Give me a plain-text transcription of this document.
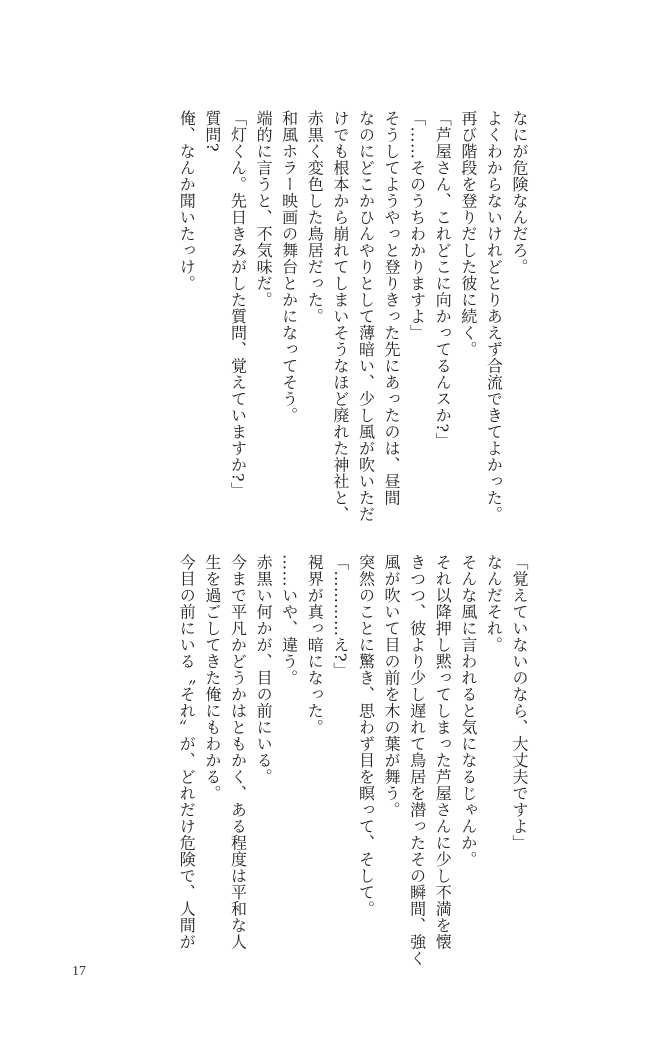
なにが危険なんだろ。
よくわからないけれどとりあえず合流できてよかった。
再び階段を登りだした彼に続く。
「芦屋さん、これどこに向かってるんスか?」
「……そのうちわかりますよ」
そうしてようやっと登りきった先にあったのは、昼間
なのにどこかひんやりとして薄暗い、少し風が吹いただ
けでも根本から崩れてしまいそうなほど廃れた神社と、
赤黒く変色した鳥居だった。
和風ホラー映画の舞台とかになってそう。
端的に言うと、不気味だ。
「灯くん。先日きみがした質問、覚えていますか?」
質問?
俺、なんか聞いたっけ。
「覚えていないのなら、大丈夫ですよ」
なんだそれ。
そんな風に言われると気になるじゃんか。
それ以降押し黙ってしまった芦屋さんに少し不満を懐
きつつ、彼より少し遅れて鳥居を潜ったその瞬間、強く
風が吹いて目の前を木の葉が舞う。
突然のことに驚き、思わず目を瞑って、そして。
「…………え?」
視界が真っ暗になった。
……いや、違う。
赤黒い何かが、目の前にいる。
今まで平凡かどうかはともかく、ある程度は平和な人
生を過ごしてきた俺にもわかる。
今目の前にいる〝それ〟が、どれだけ危険で、人間が
17
